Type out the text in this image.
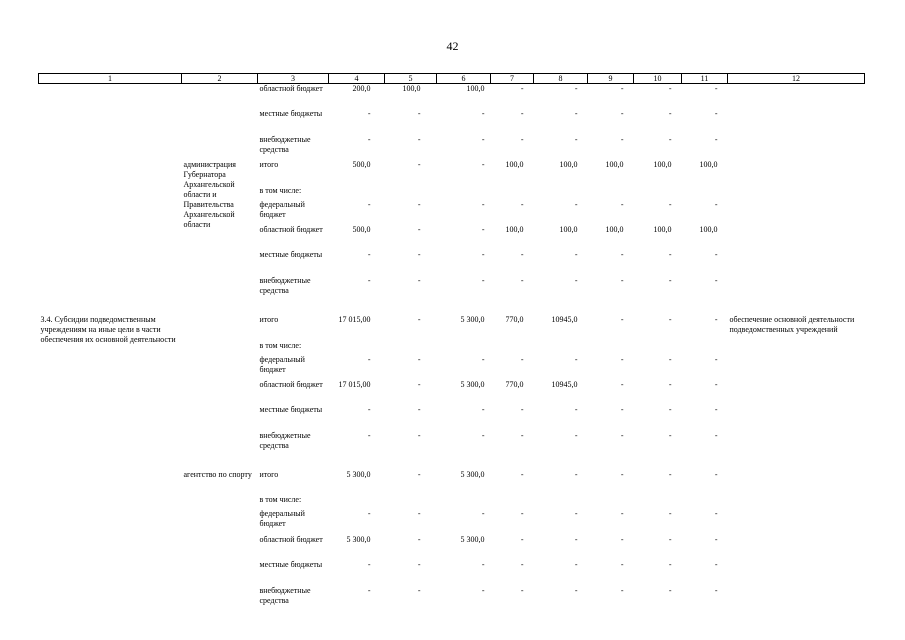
42
1	2	3	4	5	6	7	8	9	10	11	12
		областной бюджет	200,0	100,0	100,0	-	-	-	-	-	
		местные бюджеты	-	-	-	-	-	-	-	-	
		внебюджетные средства	-	-	-	-	-	-	-	-	
	администрация Губернатора Архангельской области и Правительства Архангельской области	итого	500,0	-	-	100,0	100,0	100,0	100,0	100,0	
		в том числе:									
		федеральный бюджет	-	-	-	-	-	-	-	-	
		областной бюджет	500,0	-	-	100,0	100,0	100,0	100,0	100,0	
		местные бюджеты	-	-	-	-	-	-	-	-	
		внебюджетные средства	-	-	-	-	-	-	-	-	

3.4. Субсидии подведомственным учреждениям на иные цели в части обеспечения их основной деятельности		итого	17 015,00	-	5 300,0	770,0	10945,0	-	-	-	обеспечение основной деятельности подведомственных учреждений
		в том числе:									
		федеральный бюджет	-	-	-	-	-	-	-	-	
		областной бюджет	17 015,00	-	5 300,0	770,0	10945,0	-	-	-	
		местные бюджеты	-	-	-	-	-	-	-	-	
		внебюджетные средства	-	-	-	-	-	-	-	-	

	агентство по спорту	итого	5 300,0	-	5 300,0	-	-	-	-	-	
		в том числе:									
		федеральный бюджет	-	-	-	-	-	-	-	-	
		областной бюджет	5 300,0	-	5 300,0	-	-	-	-	-	
		местные бюджеты	-	-	-	-	-	-	-	-	
		внебюджетные средства	-	-	-	-	-	-	-	-	
